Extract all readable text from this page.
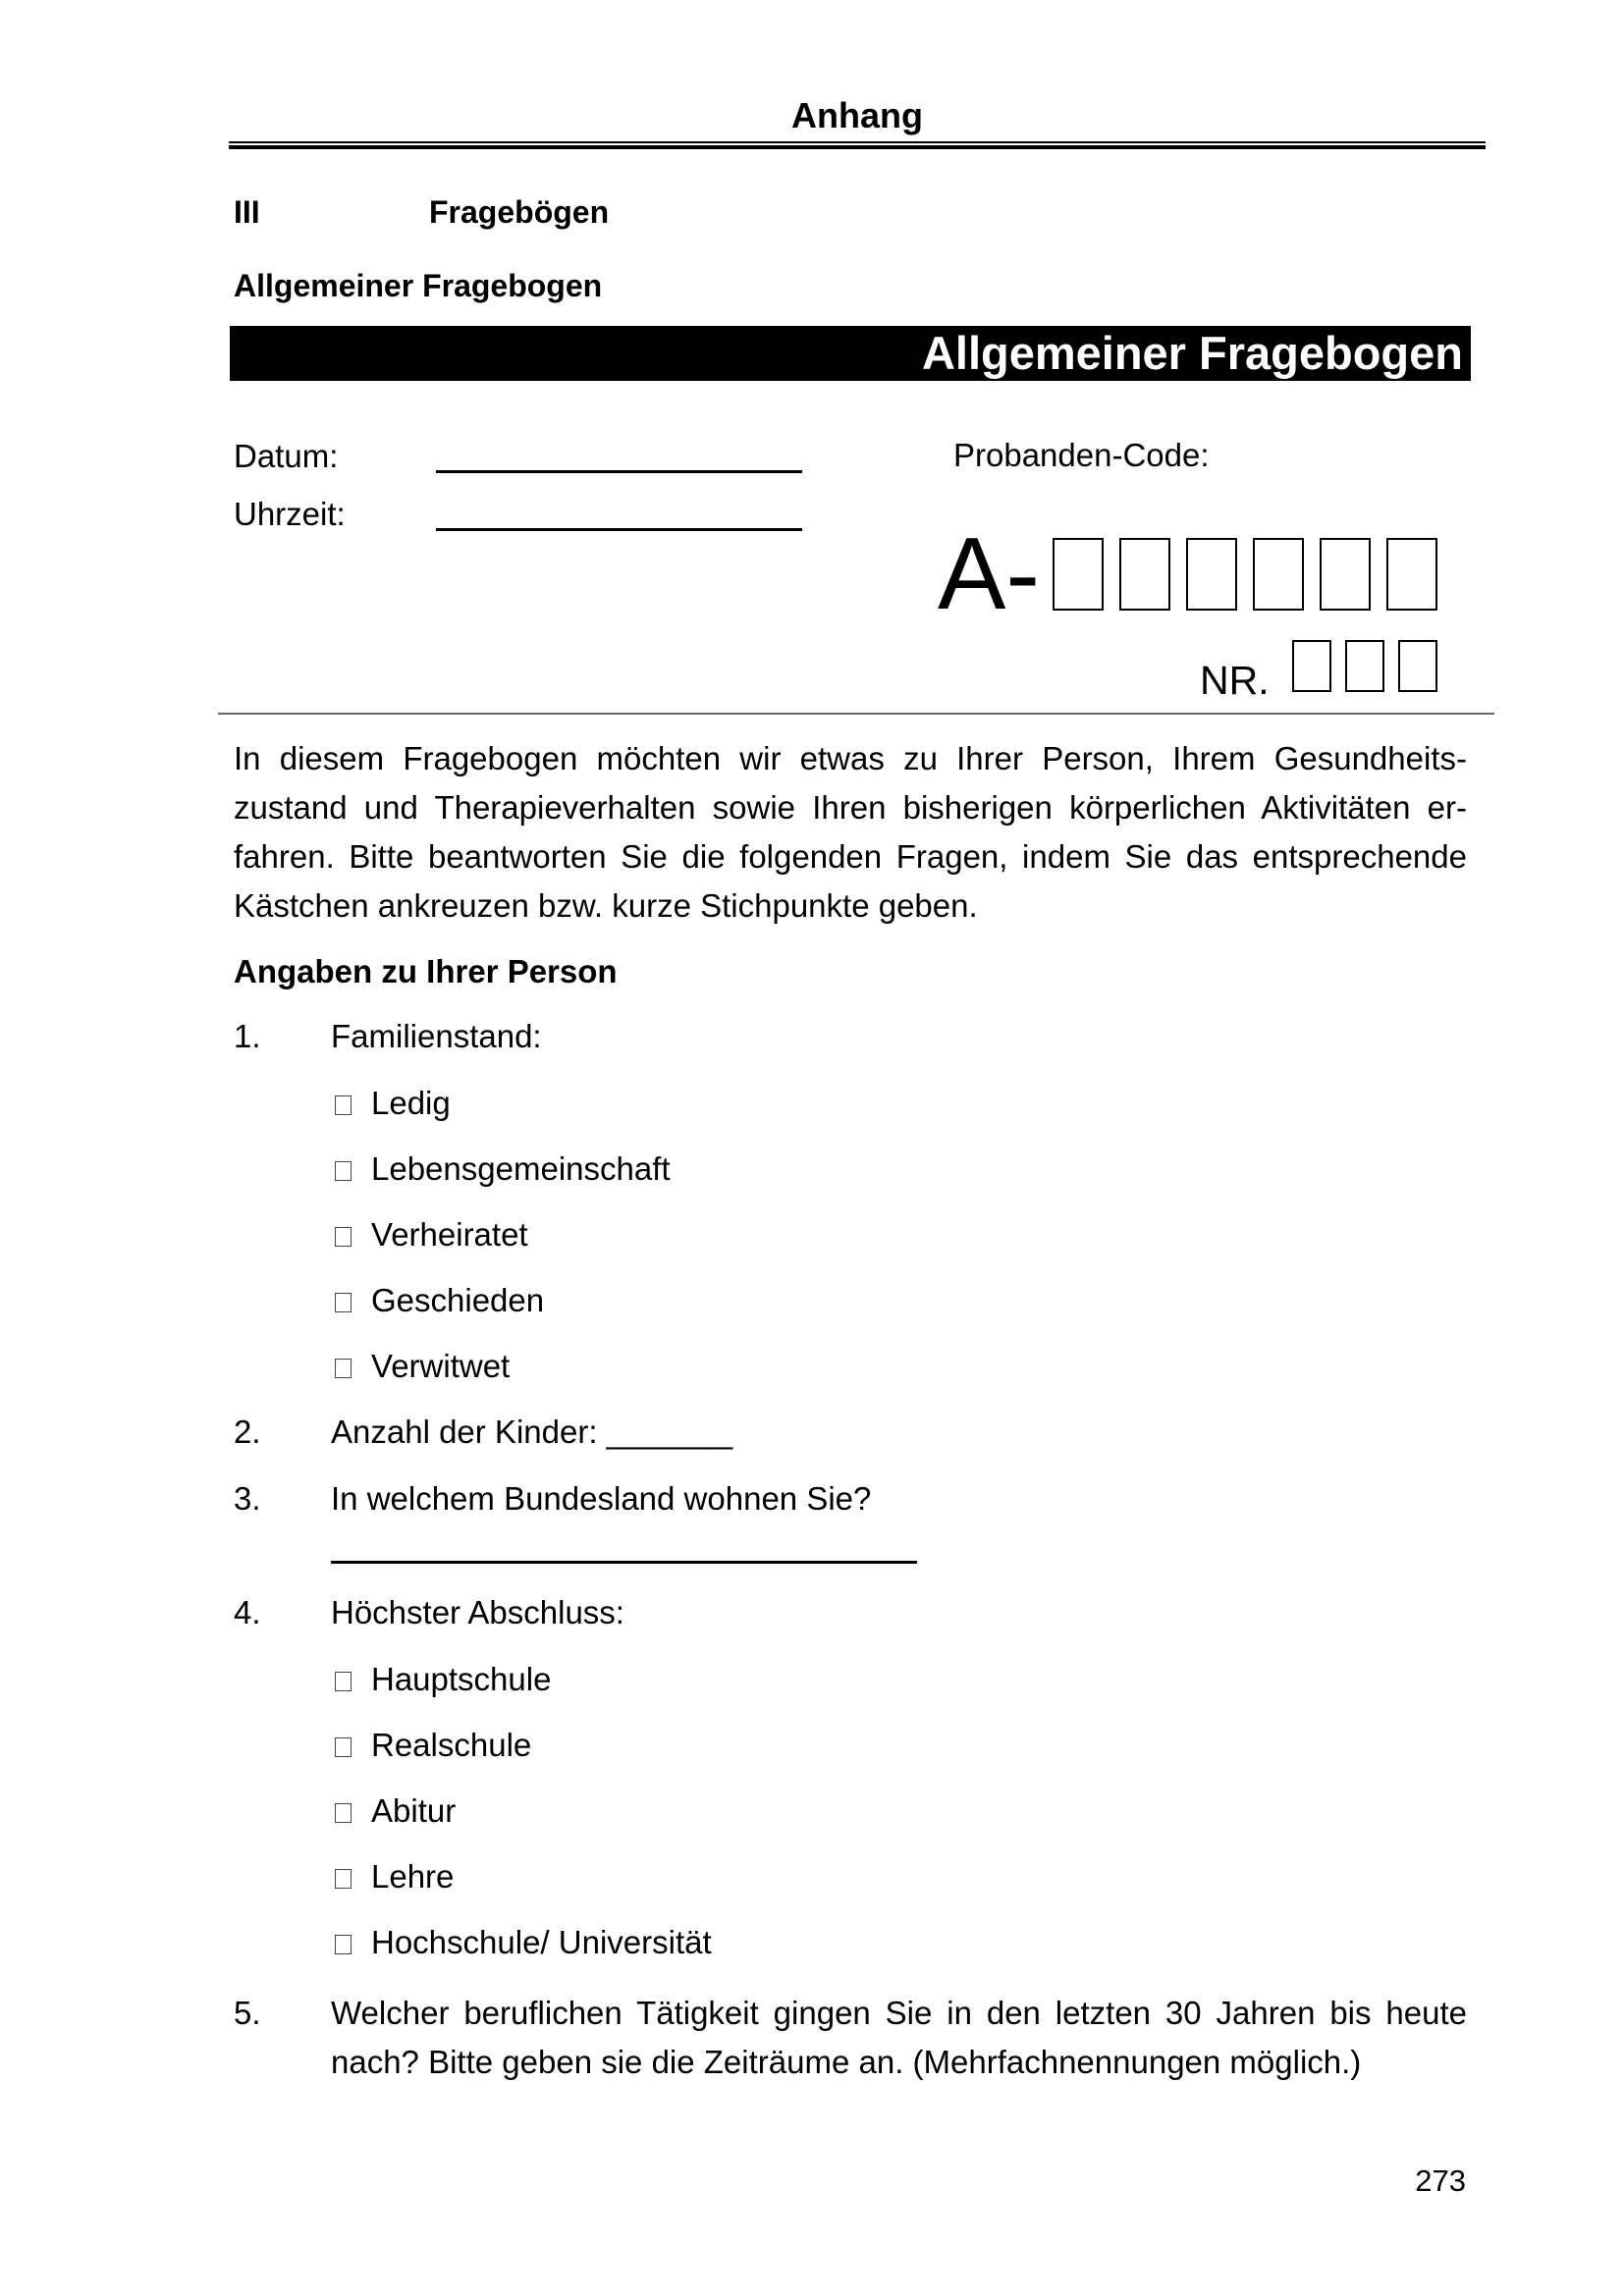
Anhang
III	Fragebögen
Allgemeiner Fragebogen
Allgemeiner Fragebogen
Datum:
Uhrzeit:
Probanden-Code:
A-
NR.
In diesem Fragebogen möchten wir etwas zu Ihrer Person, Ihrem Gesundheits-zustand und Therapieverhalten sowie Ihren bisherigen körperlichen Aktivitäten er-fahren. Bitte beantworten Sie die folgenden Fragen, indem Sie das entsprechende Kästchen ankreuzen bzw. kurze Stichpunkte geben.
Angaben zu Ihrer Person
1. Familienstand:
Ledig
Lebensgemeinschaft
Verheiratet
Geschieden
Verwitwet
2. Anzahl der Kinder: _______
3. In welchem Bundesland wohnen Sie?
4. Höchster Abschluss:
Hauptschule
Realschule
Abitur
Lehre
Hochschule/ Universität
5. Welcher beruflichen Tätigkeit gingen Sie in den letzten 30 Jahren bis heute nach? Bitte geben sie die Zeiträume an. (Mehrfachnennungen möglich.)
273
